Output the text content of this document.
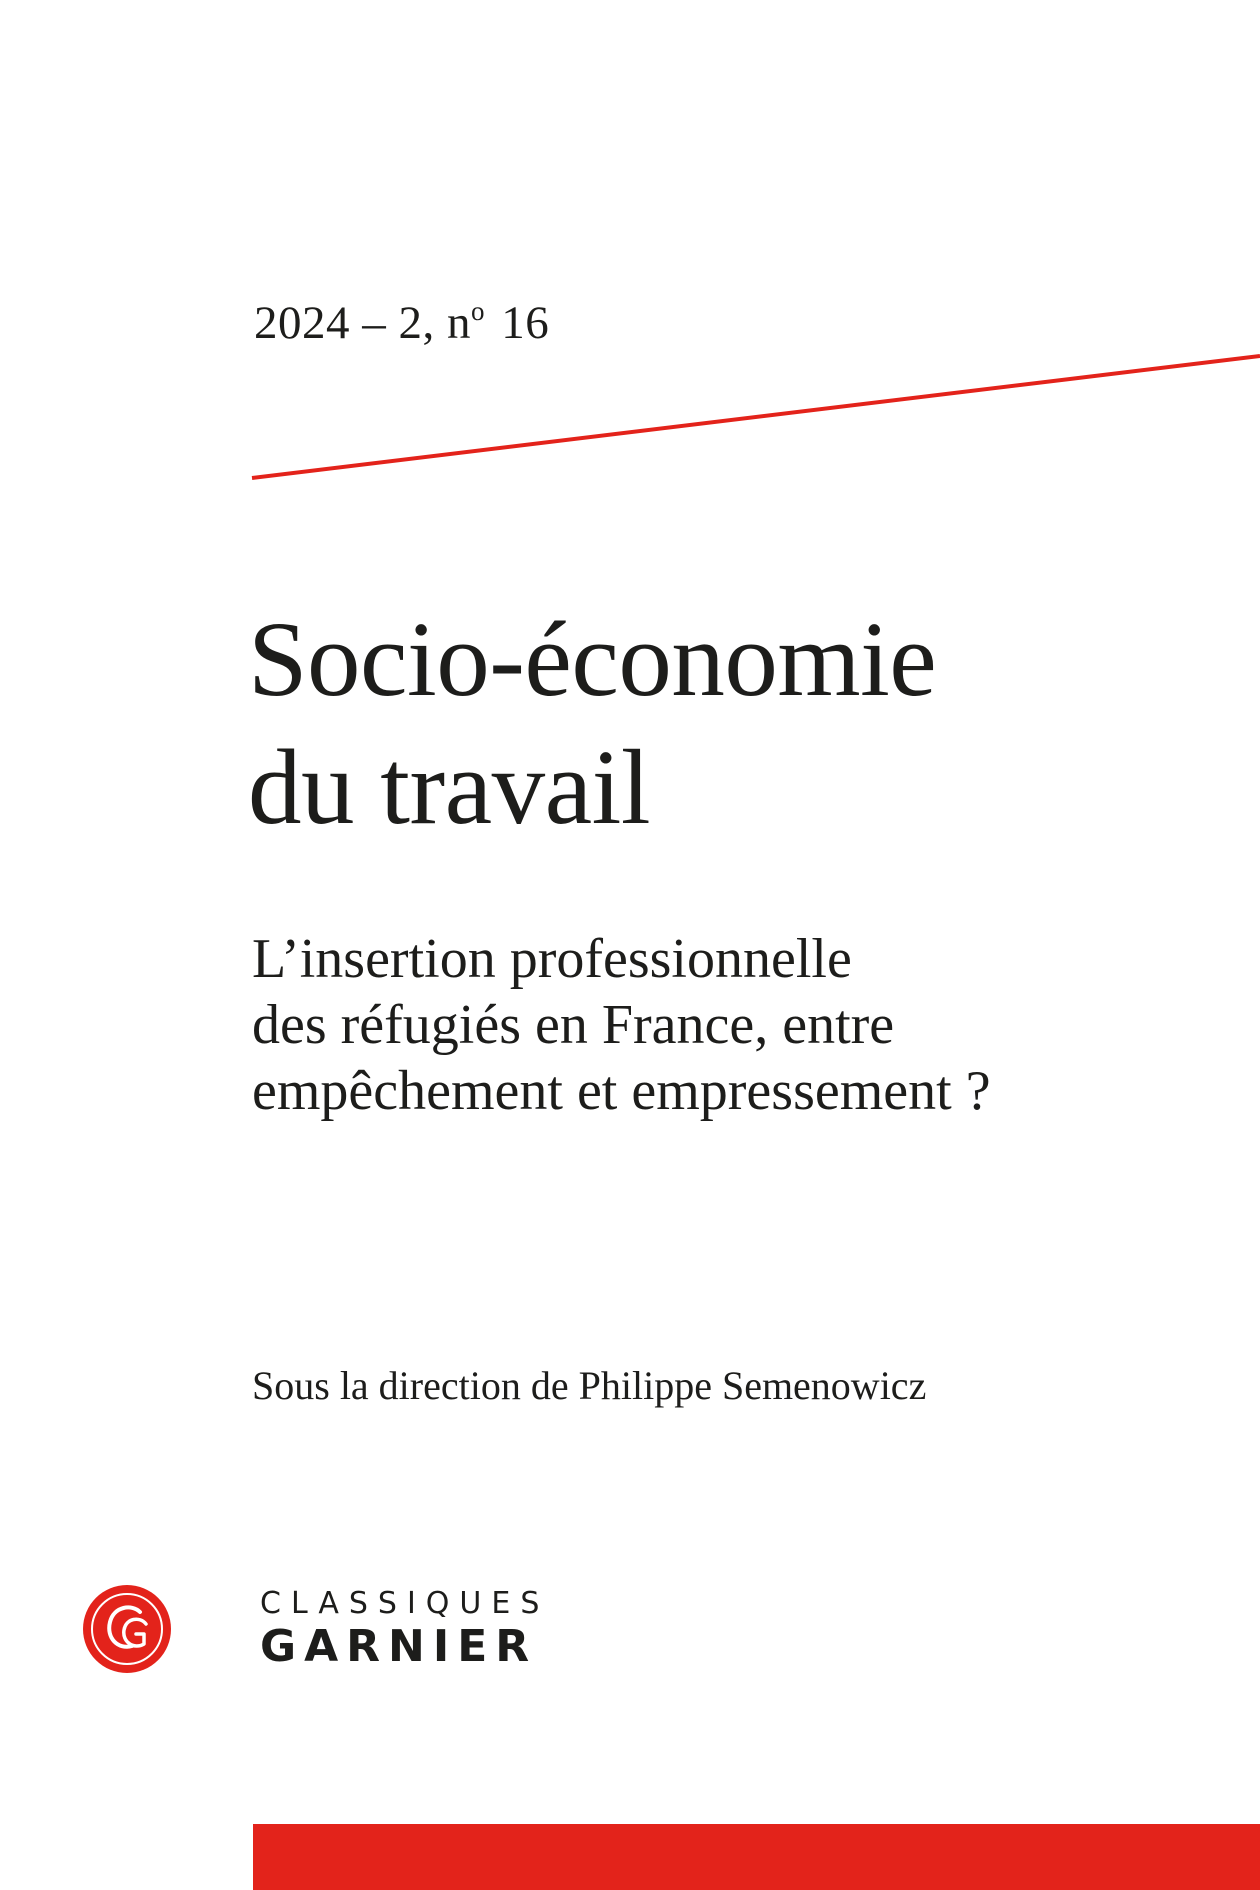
2024 – 2, $n^o$ 16
Socio-économie
du travail
L’insertion professionnelle
des réfugiés en France, entre
empêchement et empressement ?
Sous la direction de Philippe Semenowicz
CLASSIQUES
GARNIER
